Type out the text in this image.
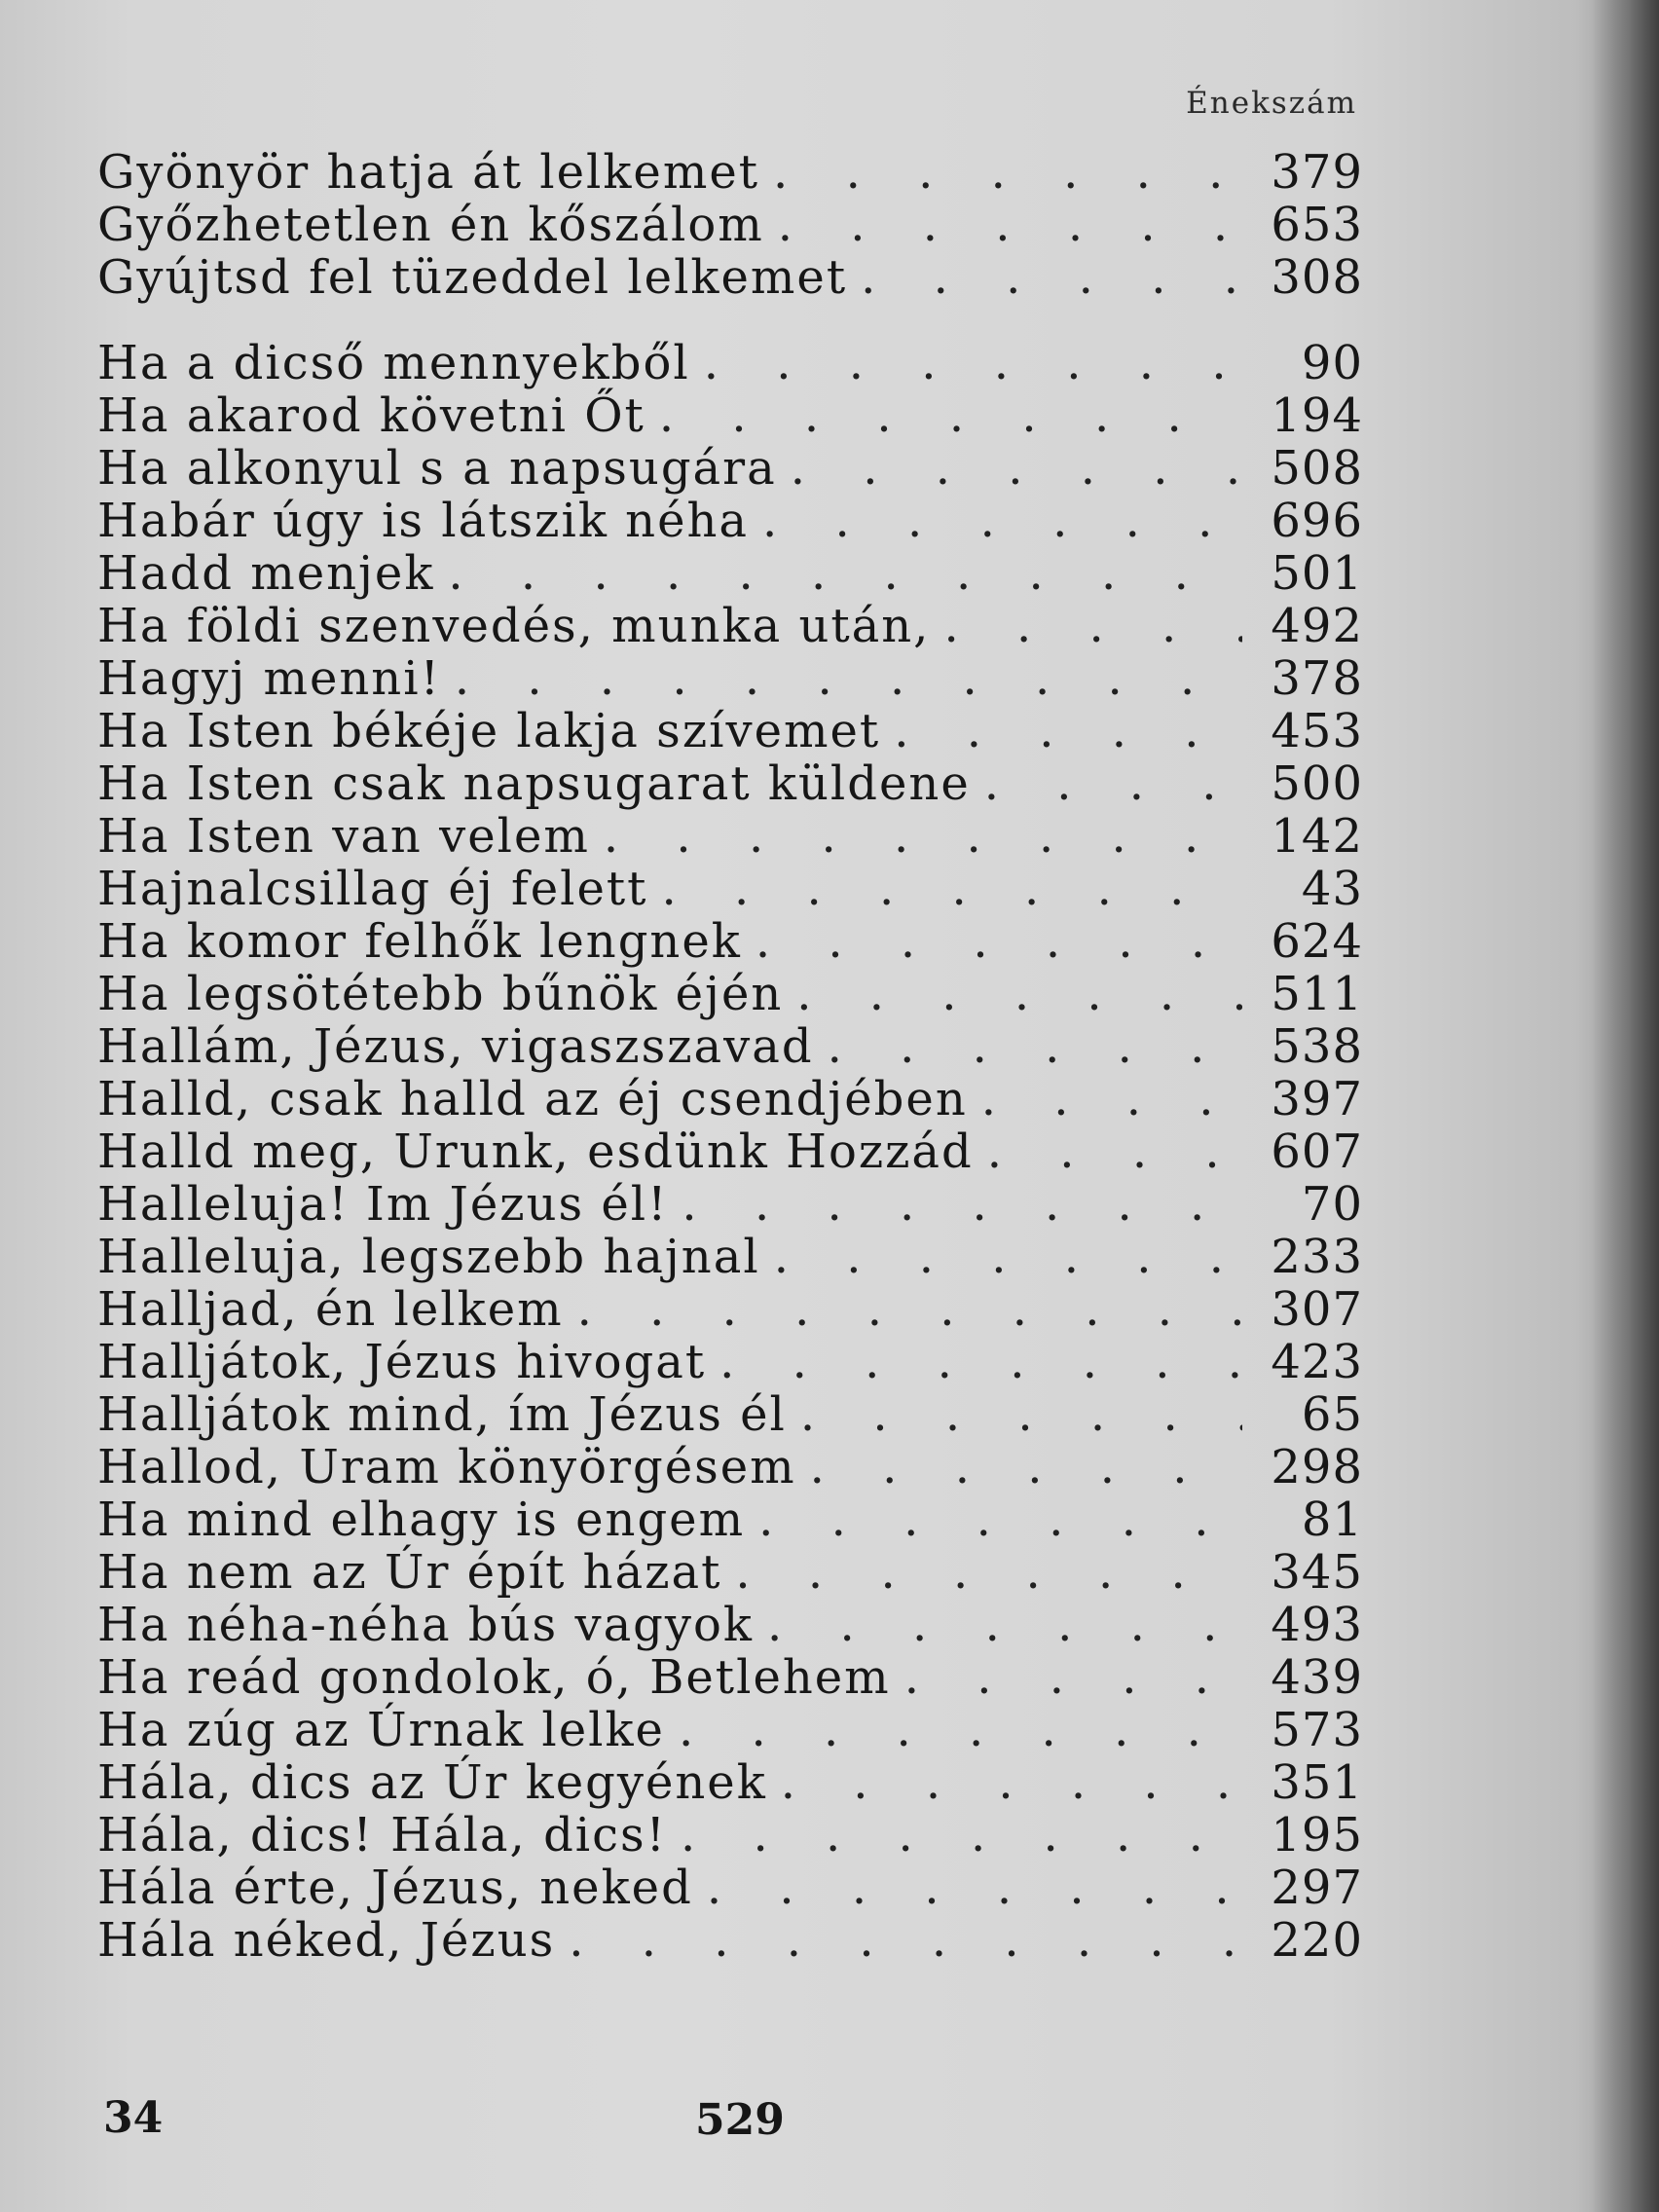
Énekszám
Gyönyör hatja át lelkemet . . .	379
Győzhetetlen én kőszálom . . .	653
Gyújtsd fel tüzeddel lelkemet . . .	308
Ha a dicső mennyekből . . .	90
Ha akarod követni Őt . . .	194
Ha alkonyul s a napsugára . . .	508
Habár úgy is látszik néha . . .	696
Hadd menjek . . .	501
Ha földi szenvedés, munka után, . . .	492
Hagyj menni! . . .	378
Ha Isten békéje lakja szívemet . . .	453
Ha Isten csak napsugarat küldene . . .	500
Ha Isten van velem . . .	142
Hajnalcsillag éj felett . . .	43
Ha komor felhők lengnek . . .	624
Ha legsötétebb bűnök éjén . . .	511
Hallám, Jézus, vigaszszavad . . .	538
Halld, csak halld az éj csendjében . . .	397
Halld meg, Urunk, esdünk Hozzád . . .	607
Halleluja! Im Jézus él! . . .	70
Halleluja, legszebb hajnal . . .	233
Halljad, én lelkem . . .	307
Halljátok, Jézus hivogat . . .	423
Halljátok mind, ím Jézus él . . .	65
Hallod, Uram könyörgésem . . .	298
Ha mind elhagy is engem . . .	81
Ha nem az Úr épít házat . . .	345
Ha néha-néha bús vagyok . . .	493
Ha reád gondolok, ó, Betlehem . . .	439
Ha zúg az Úrnak lelke . . .	573
Hála, dics az Úr kegyének . . .	351
Hála, dics! Hála, dics! . . .	195
Hála érte, Jézus, neked . . .	297
Hála néked, Jézus . . .	220
34	529
